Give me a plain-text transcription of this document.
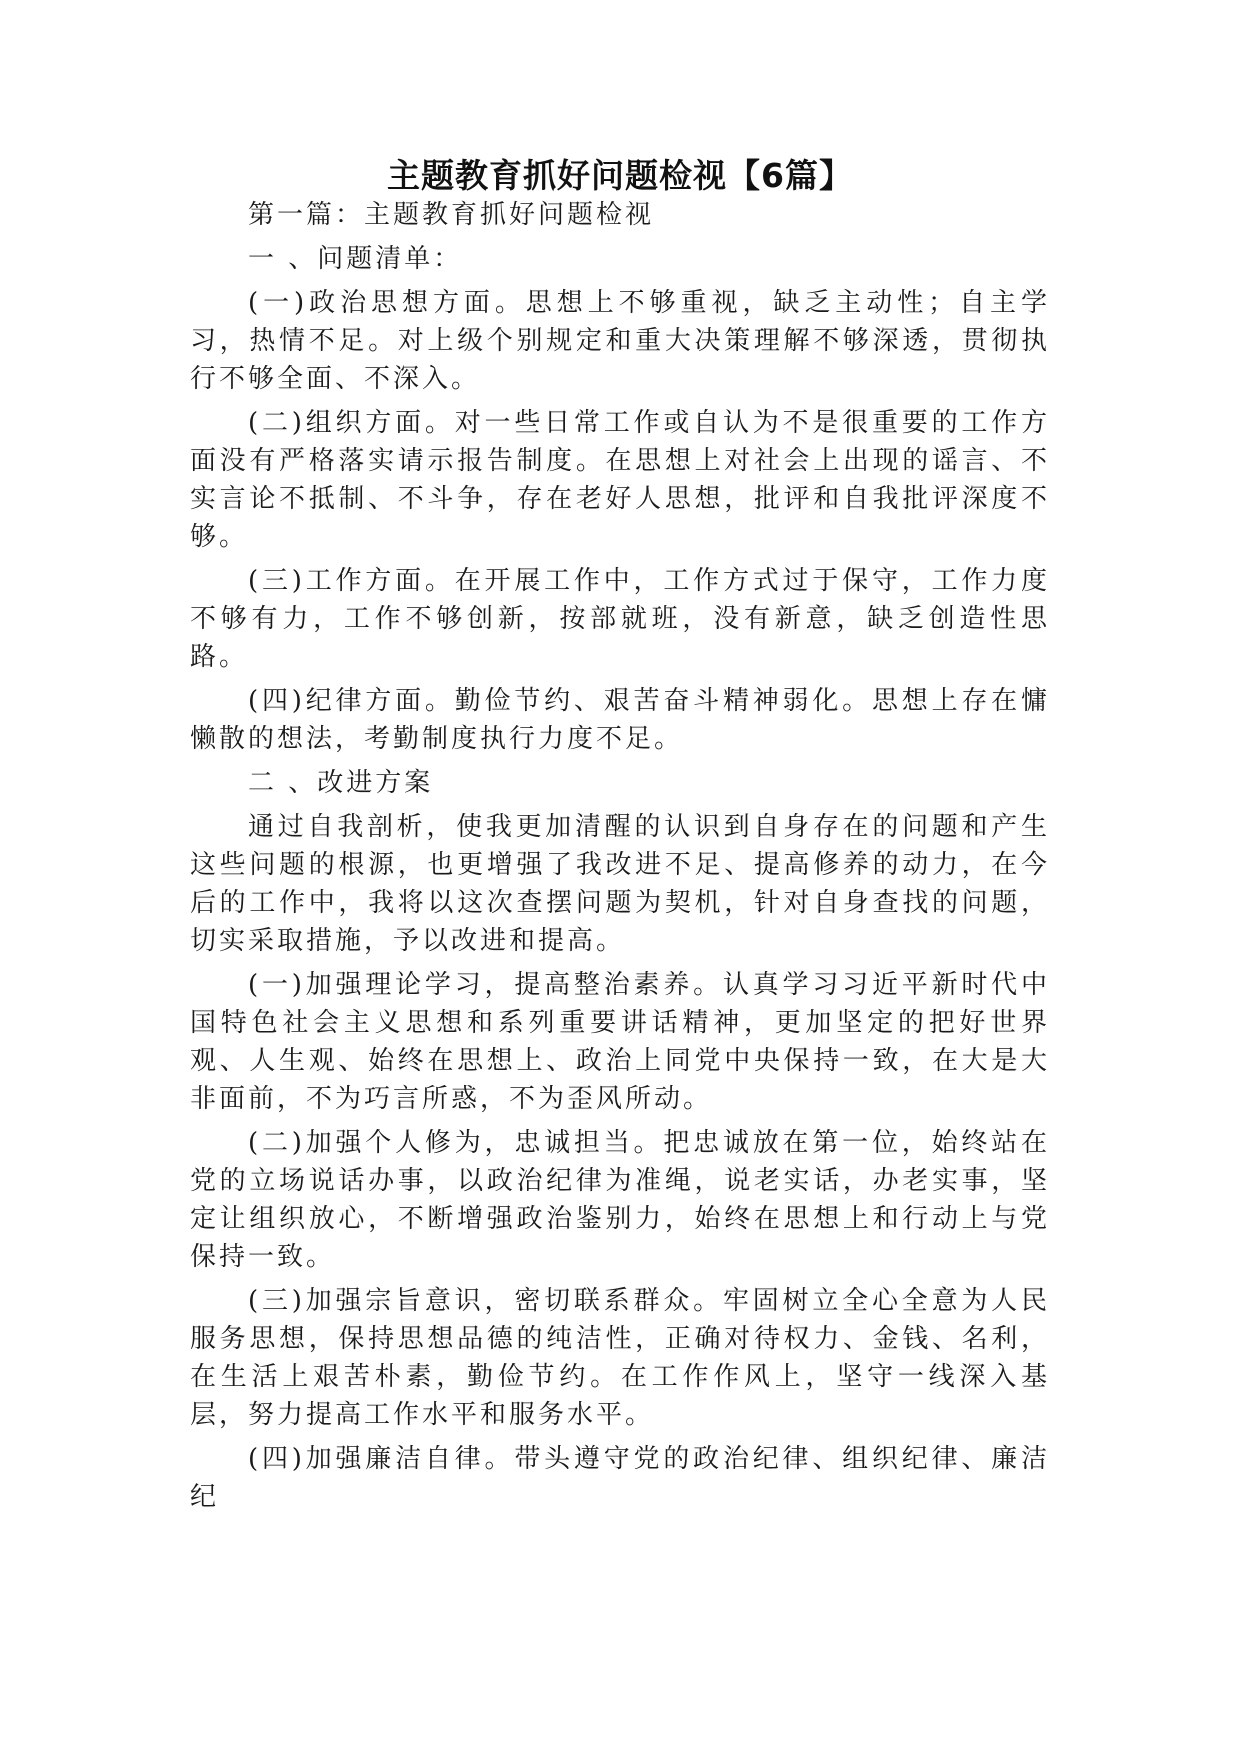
主题教育抓好问题检视【6篇】

第一篇：主题教育抓好问题检视

一 、问题清单：

(一)政治思想方面。思想上不够重视，缺乏主动性；自主学习，热情不足。对上级个别规定和重大决策理解不够深透，贯彻执行不够全面、不深入。

(二)组织方面。对一些日常工作或自认为不是很重要的工作方面没有严格落实请示报告制度。在思想上对社会上出现的谣言、不实言论不抵制、不斗争，存在老好人思想，批评和自我批评深度不够。

(三)工作方面。在开展工作中，工作方式过于保守，工作力度不够有力，工作不够创新，按部就班，没有新意，缺乏创造性思路。

(四)纪律方面。勤俭节约、艰苦奋斗精神弱化。思想上存在慵懒散的想法，考勤制度执行力度不足。

二 、改进方案

通过自我剖析，使我更加清醒的认识到自身存在的问题和产生这些问题的根源，也更增强了我改进不足、提高修养的动力，在今后的工作中，我将以这次查摆问题为契机，针对自身查找的问题，切实采取措施，予以改进和提高。

(一)加强理论学习，提高整治素养。认真学习习近平新时代中国特色社会主义思想和系列重要讲话精神，更加坚定的把好世界观、人生观、始终在思想上、政治上同党中央保持一致，在大是大非面前，不为巧言所惑，不为歪风所动。

(二)加强个人修为，忠诚担当。把忠诚放在第一位，始终站在党的立场说话办事，以政治纪律为准绳，说老实话，办老实事，坚定让组织放心，不断增强政治鉴别力，始终在思想上和行动上与党保持一致。

(三)加强宗旨意识，密切联系群众。牢固树立全心全意为人民服务思想，保持思想品德的纯洁性，正确对待权力、金钱、名利，在生活上艰苦朴素，勤俭节约。在工作作风上，坚守一线深入基层，努力提高工作水平和服务水平。

(四)加强廉洁自律。带头遵守党的政治纪律、组织纪律、廉洁纪
